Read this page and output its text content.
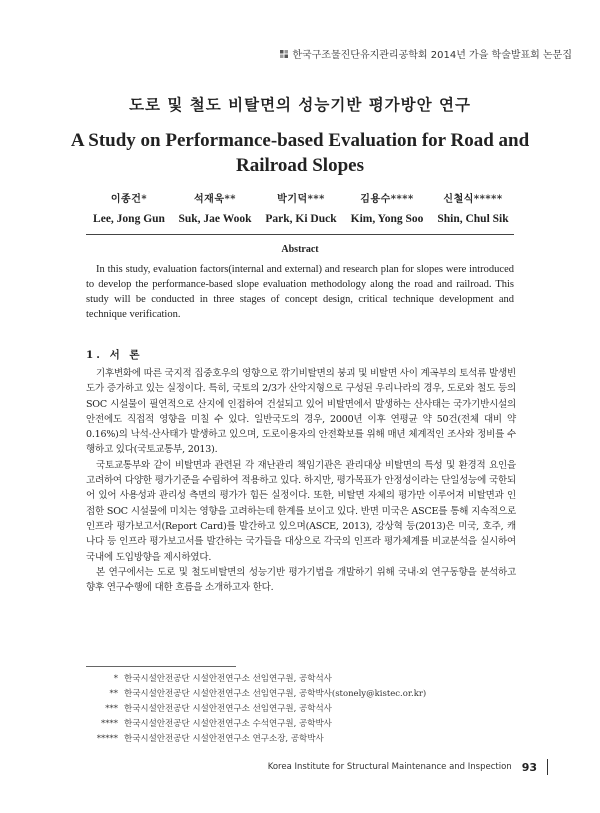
한국구조물진단유지관리공학회 2014년 가을 학술발표회 논문집
도로 및 철도 비탈면의 성능기반 평가방안 연구
A Study on Performance-based Evaluation for Road and Railroad Slopes
이종건*
Lee, Jong Gun
석재욱**
Suk, Jae Wook
박기덕***
Park, Ki Duck
김용수****
Kim, Yong Soo
신철식*****
Shin, Chul Sik
Abstract

In this study, evaluation factors(internal and external) and research plan for slopes were introduced to develop the performance-based slope evaluation methodology along the road and railroad. This study will be conducted in three stages of concept design, critical technique development and technique verification.

1. 서 론

기후변화에 따른 국지적 집중호우의 영향으로 깎기비탈면의 붕괴 및 비탈면 사이 계곡부의 토석류 발생빈도가 증가하고 있는 실정이다. 특히, 국토의 2/3가 산악지형으로 구성된 우리나라의 경우, 도로와 철도 등의 SOC 시설물이 필연적으로 산지에 인접하여 건설되고 있어 비탈면에서 발생하는 산사태는 국가기반시설의 안전에도 직접적 영향을 미칠 수 있다. 일반국도의 경우, 2000년 이후 연평균 약 50건(전체 대비 약 0.16%)의 낙석·산사태가 발생하고 있으며, 도로이용자의 안전확보를 위해 매년 체계적인 조사와 정비를 수행하고 있다(국토교통부, 2013).

국토교통부와 같이 비탈면과 관련된 각 재난관리 책임기관은 관리대상 비탈면의 특성 및 환경적 요인을 고려하여 다양한 평가기준을 수립하여 적용하고 있다. 하지만, 평가목표가 안정성이라는 단일성능에 국한되어 있어 사용성과 관리성 측면의 평가가 힘든 실정이다. 또한, 비탈면 자체의 평가만 이루어져 비탈면과 인접한 SOC 시설물에 미치는 영향을 고려하는데 한계를 보이고 있다. 반면 미국은 ASCE를 통해 지속적으로 인프라 평가보고서(Report Card)를 발간하고 있으며(ASCE, 2013), 강상혁 등(2013)은 미국, 호주, 캐나다 등 인프라 평가보고서를 발간하는 국가들을 대상으로 각국의 인프라 평가체계를 비교분석을 실시하여 국내에 도입방향을 제시하였다.

본 연구에서는 도로 및 철도비탈면의 성능기반 평가기법을 개발하기 위해 국내·외 연구동향을 분석하고 향후 연구수행에 대한 흐름을 소개하고자 한다.

* 한국시설안전공단 시설안전연구소 선임연구원, 공학석사
** 한국시설안전공단 시설안전연구소 선임연구원, 공학박사(stonely@kistec.or.kr)
*** 한국시설안전공단 시설안전연구소 선임연구원, 공학석사
**** 한국시설안전공단 시설안전연구소 수석연구원, 공학박사
***** 한국시설안전공단 시설안전연구소 연구소장, 공학박사
Korea Institute for Structural Maintenance and Inspection 93
